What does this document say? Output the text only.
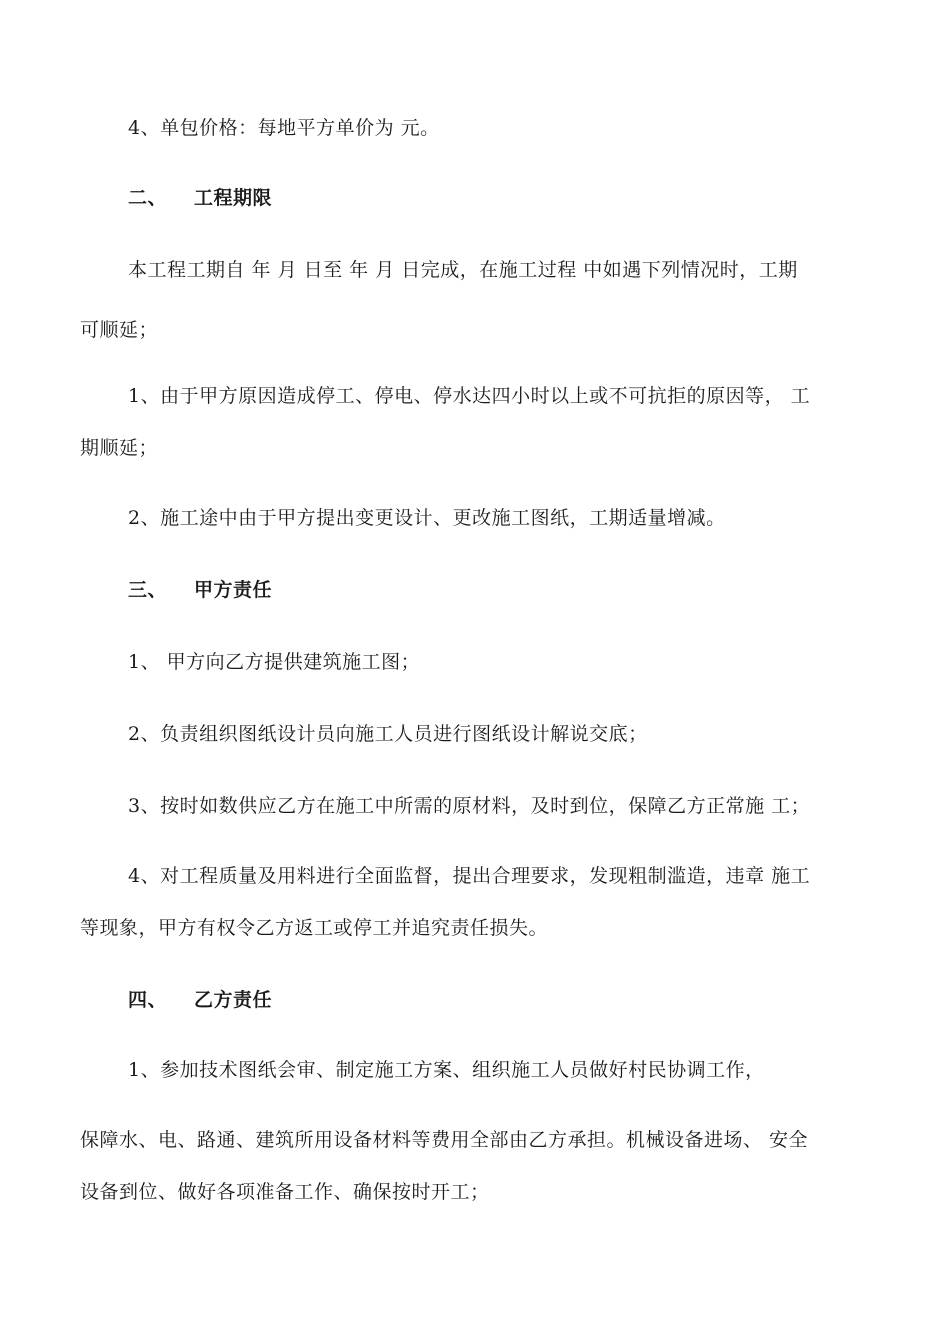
4、单包价格：每地平方单价为 元。
二、 工程期限
本工程工期自 年 月 日至 年 月 日完成，在施工过程 中如遇下列情况时，工期
可顺延；
1、由于甲方原因造成停工、停电、停水达四小时以上或不可抗拒的原因等， 工
期顺延；
2、施工途中由于甲方提出变更设计、更改施工图纸，工期适量增减。
三、 甲方责任
1、 甲方向乙方提供建筑施工图；
2、负责组织图纸设计员向施工人员进行图纸设计解说交底；
3、按时如数供应乙方在施工中所需的原材料，及时到位，保障乙方正常施 工；
4、对工程质量及用料进行全面监督，提出合理要求，发现粗制滥造，违章 施工
等现象，甲方有权令乙方返工或停工并追究责任损失。
四、 乙方责任
1、参加技术图纸会审、制定施工方案、组织施工人员做好村民协调工作，
保障水、电、路通、建筑所用设备材料等费用全部由乙方承担。机械设备进场、 安全
设备到位、做好各项准备工作、确保按时开工；
